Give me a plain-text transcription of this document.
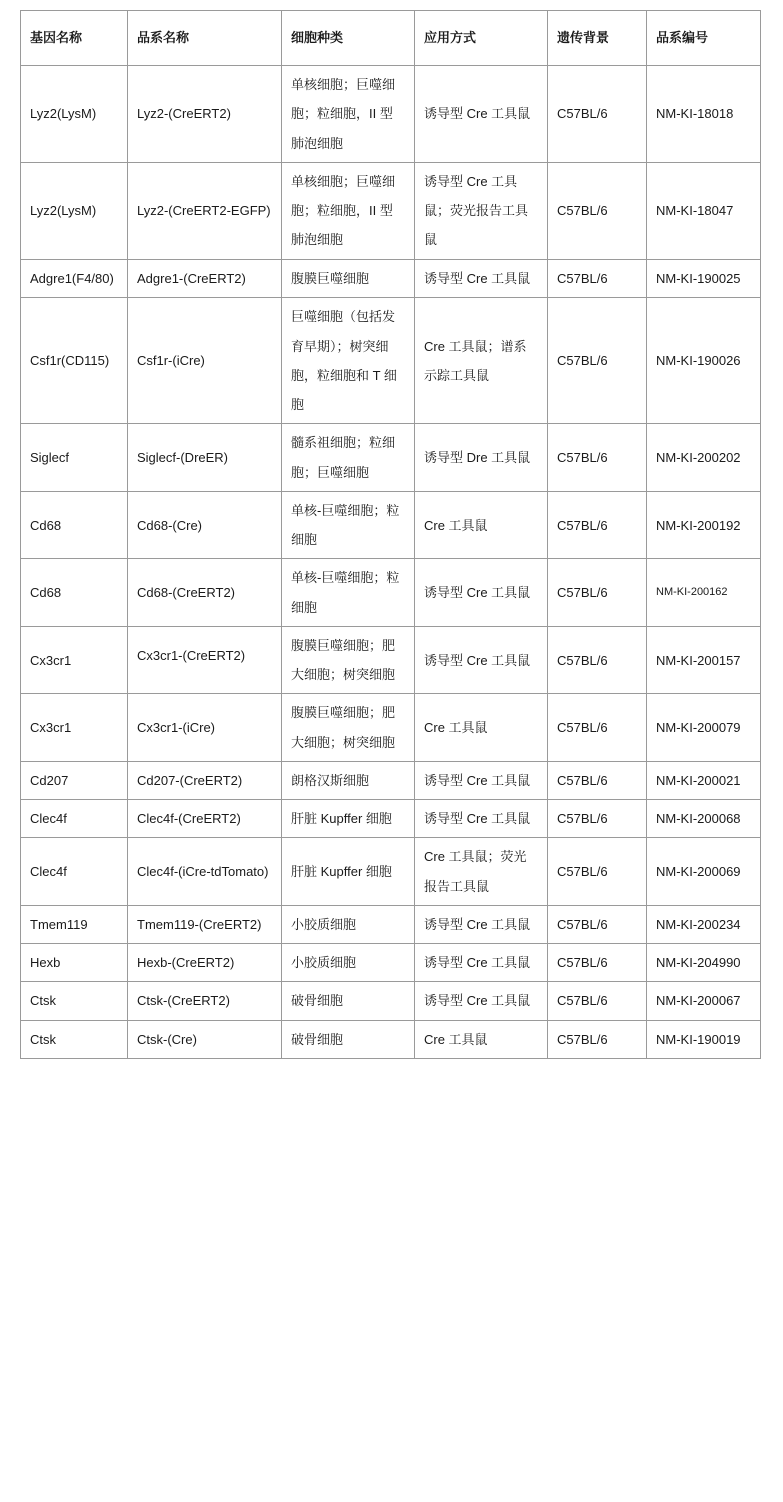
基因名称	品系名称	细胞种类	应用方式	遗传背景	品系编号
Lyz2(LysM)	Lyz2-(CreERT2)	单核细胞；巨噬细胞；粒细胞，II 型肺泡细胞	诱导型 Cre 工具鼠	C57BL/6	NM-KI-18018
Lyz2(LysM)	Lyz2-(CreERT2-EGFP)	单核细胞；巨噬细胞；粒细胞，II 型肺泡细胞	诱导型 Cre 工具鼠；荧光报告工具鼠	C57BL/6	NM-KI-18047
Adgre1(F4/80)	Adgre1-(CreERT2)	腹膜巨噬细胞	诱导型 Cre 工具鼠	C57BL/6	NM-KI-190025
Csf1r(CD115)	Csf1r-(iCre)	巨噬细胞（包括发育早期）；树突细胞，粒细胞和 T 细胞	Cre 工具鼠；谱系示踪工具鼠	C57BL/6	NM-KI-190026
Siglecf	Siglecf-(DreER)	髓系祖细胞；粒细胞；巨噬细胞	诱导型 Dre 工具鼠	C57BL/6	NM-KI-200202
Cd68	Cd68-(Cre)	单核-巨噬细胞；粒细胞	Cre 工具鼠	C57BL/6	NM-KI-200192
Cd68	Cd68-(CreERT2)	单核-巨噬细胞；粒细胞	诱导型 Cre 工具鼠	C57BL/6	NM-KI-200162
Cx3cr1	Cx3cr1-(CreERT2)	腹膜巨噬细胞；肥大细胞；树突细胞	诱导型 Cre 工具鼠	C57BL/6	NM-KI-200157
Cx3cr1	Cx3cr1-(iCre)	腹膜巨噬细胞；肥大细胞；树突细胞	Cre 工具鼠	C57BL/6	NM-KI-200079
Cd207	Cd207-(CreERT2)	朗格汉斯细胞	诱导型 Cre 工具鼠	C57BL/6	NM-KI-200021
Clec4f	Clec4f-(CreERT2)	肝脏 Kupffer 细胞	诱导型 Cre 工具鼠	C57BL/6	NM-KI-200068
Clec4f	Clec4f-(iCre-tdTomato)	肝脏 Kupffer 细胞	Cre 工具鼠；荧光报告工具鼠	C57BL/6	NM-KI-200069
Tmem119	Tmem119-(CreERT2)	小胶质细胞	诱导型 Cre 工具鼠	C57BL/6	NM-KI-200234
Hexb	Hexb-(CreERT2)	小胶质细胞	诱导型 Cre 工具鼠	C57BL/6	NM-KI-204990
Ctsk	Ctsk-(CreERT2)	破骨细胞	诱导型 Cre 工具鼠	C57BL/6	NM-KI-200067
Ctsk	Ctsk-(Cre)	破骨细胞	Cre 工具鼠	C57BL/6	NM-KI-190019
